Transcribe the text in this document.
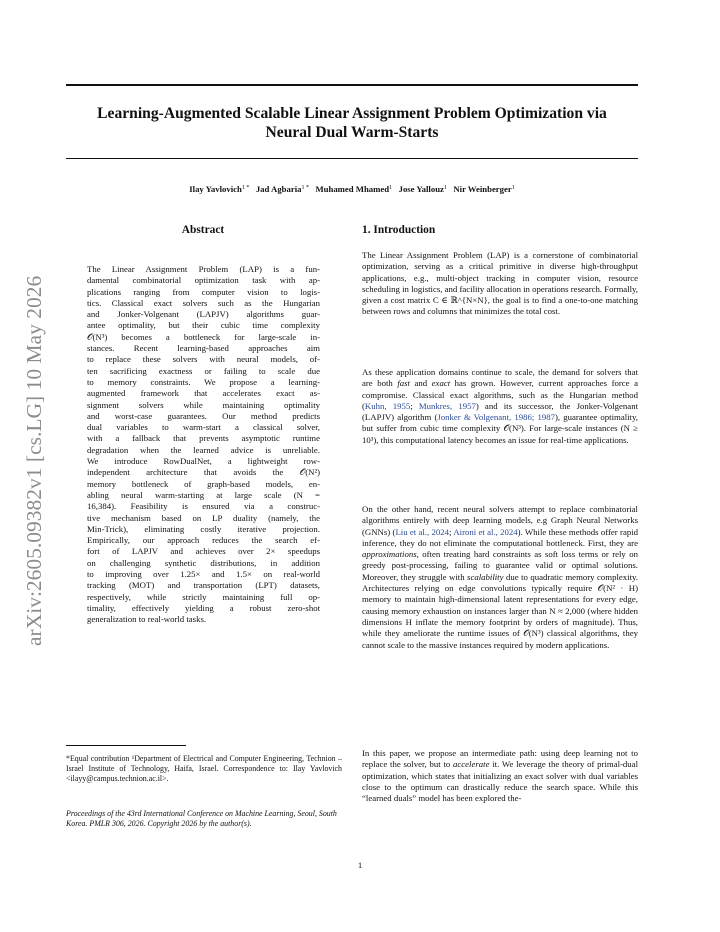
arXiv:2605.09382v1 [cs.LG] 10 May 2026
Learning-Augmented Scalable Linear Assignment Problem Optimization via
Neural Dual Warm-Starts
Ilay Yavlovich$^{1 *}$ Jad Agbaria$^{1 *}$ Muhamed Mhamed$^1$ Jose Yallouz$^1$ Nir Weinberger$^1$
Abstract
The Linear Assignment Problem (LAP) is a fun-
damental combinatorial optimization task with ap-
plications ranging from computer vision to logis-
tics. Classical exact solvers such as the Hungarian
and Jonker-Volgenant (LAPJV) algorithms guar-
antee optimality, but their cubic time complexity
𝒪(N³) becomes a bottleneck for large-scale in-
stances. Recent learning-based approaches aim
to replace these solvers with neural models, of-
ten sacrificing exactness or failing to scale due
to memory constraints. We propose a learning-
augmented framework that accelerates exact as-
signment solvers while maintaining optimality
and worst-case guarantees. Our method predicts
dual variables to warm-start a classical solver,
with a fallback that prevents asymptotic runtime
degradation when the learned advice is unreliable.
We introduce RowDualNet, a lightweight row-
independent architecture that avoids the 𝒪(N²)
memory bottleneck of graph-based models, en-
abling neural warm-starting at large scale (N =
16,384). Feasibility is ensured via a construc-
tive mechanism based on LP duality (namely, the
Min-Trick), eliminating costly iterative projection.
Empirically, our approach reduces the search ef-
fort of LAPJV and achieves over 2× speedups
on challenging synthetic distributions, in addition
to improving over 1.25× and 1.5× on real-world
tracking (MOT) and transportation (LPT) datasets,
respectively, while strictly maintaining full op-
timality, effectively yielding a robust zero-shot
generalization to real-world tasks.
*Equal contribution ¹Department of Electrical and Computer Engineering, Technion – Israel Institute of Technology, Haifa, Israel. Correspondence to: Ilay Yavlovich <ilayy@campus.technion.ac.il>.
Proceedings of the 43rd International Conference on Machine Learning, Seoul, South Korea. PMLR 306, 2026. Copyright 2026 by the author(s).
1. Introduction
The Linear Assignment Problem (LAP) is a cornerstone of combinatorial optimization, serving as a critical primitive in diverse high-throughput applications, e.g., multi-object tracking in computer vision, resource scheduling in logistics, and facility allocation in operations research. Formally, given a cost matrix C ∈ ℝ^{N×N}, the goal is to find a one-to-one matching between rows and columns that minimizes the total cost.
As these application domains continue to scale, the demand for solvers that are both fast and exact has grown. However, current approaches force a compromise. Classical exact algorithms, such as the Hungarian method (Kuhn, 1955; Munkres, 1957) and its successor, the Jonker-Volgenant (LAPJV) algorithm (Jonker & Volgenant, 1986; 1987), guarantee optimality, but suffer from cubic time complexity 𝒪(N³). For large-scale instances (N ≥ 10³), this computational latency becomes an issue for real-time applications.
On the other hand, recent neural solvers attempt to replace combinatorial algorithms entirely with deep learning models, e.g Graph Neural Networks (GNNs) (Liu et al., 2024; Aironi et al., 2024). While these methods offer rapid inference, they do not eliminate the computational bottleneck. First, they are approximations, often treating hard constraints as soft loss terms or rely on greedy post-processing, failing to guarantee valid or optimal solutions. Moreover, they struggle with scalability due to quadratic memory complexity. Architectures relying on edge convolutions typically require 𝒪(N² · H) memory to maintain high-dimensional latent representations for every edge, causing memory exhaustion on instances larger than N ≈ 2,000 (where hidden dimensions H inflate the memory footprint by orders of magnitude). Thus, while they ameliorate the runtime issues of 𝒪(N³) classical algorithms, they cannot scale to the massive instances required by modern applications.
In this paper, we propose an intermediate path: using deep learning not to replace the solver, but to accelerate it. We leverage the theory of primal-dual optimization, which states that initializing an exact solver with dual variables close to the optimum can drastically reduce the search space. While this “learned duals” model has been explored the-
1
